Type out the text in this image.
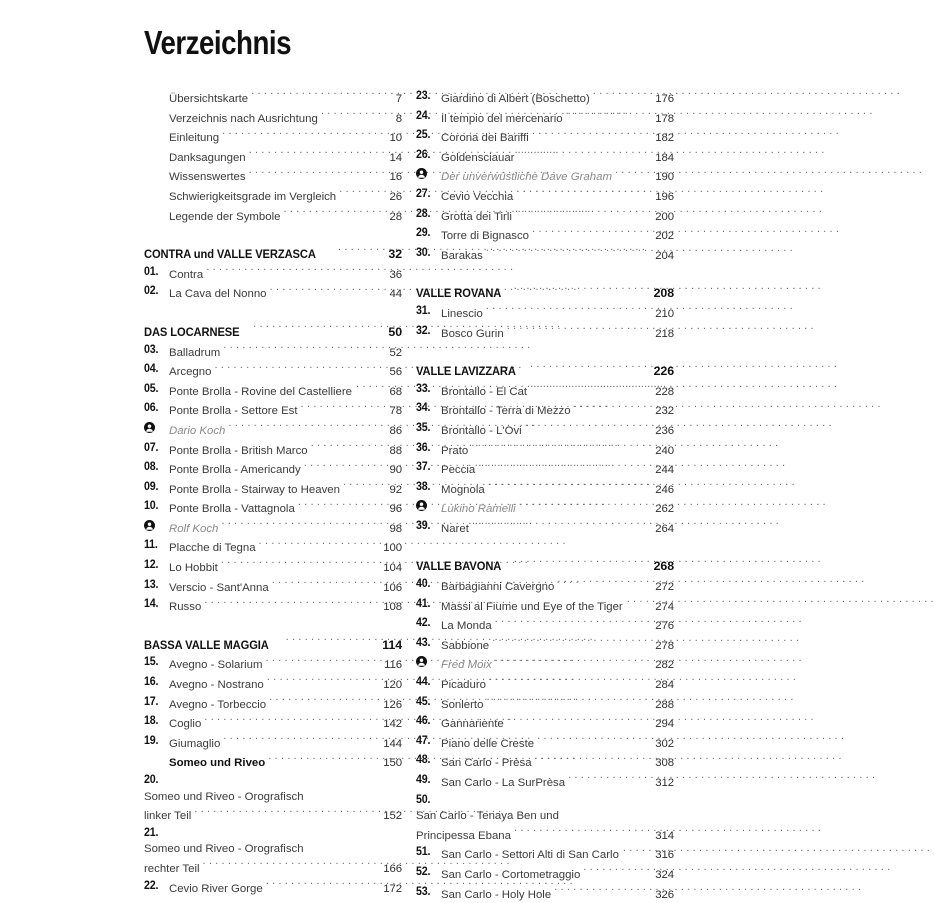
Verzeichnis
Übersichtskarte . . .	7
Verzeichnis nach Ausrichtung . . .	8
Einleitung . . .	10
Danksagungen . . .	14
Wissenswertes . . .	16
Schwierigkeitsgrade im Vergleich . . .	26
Legende der Symbole . . .	28
CONTRA und VALLE VERZASCA . . .	32
01. Contra . . .	36
02. La Cava del Nonno . . .	44
DAS LOCARNESE . . .	50
03. Balladrum . . .	52
04. Arcegno . . .	56
05. Ponte Brolla - Rovine del Castelliere . . .	68
06. Ponte Brolla - Settore Est . . .	78
Dario Koch . . .	86
07. Ponte Brolla - British Marco . . .	88
08. Ponte Brolla - Americandy . . .	90
09. Ponte Brolla - Stairway to Heaven . . .	92
10. Ponte Brolla - Vattagnola . . .	96
Rolf Koch . . .	98
11. Placche di Tegna . . .	100
12. Lo Hobbit . . .	104
13. Verscio - Sant'Anna . . .	106
14. Russo . . .	108
BASSA VALLE MAGGIA . . .	114
15. Avegno - Solarium . . .	116
16. Avegno - Nostrano . . .	120
17. Avegno - Torbeccio . . .	126
18. Coglio . . .	142
19. Giumaglio . . .	144
Someo und Riveo . . .	150
20.
Someo und Riveo - Orografisch
linker Teil . . .	152
21.
Someo und Riveo - Orografisch
rechter Teil . . .	166
22. Cevio River Gorge . . .	172
23. Giardino di Albert (Boschetto) . . .	176
24. Il tempio del mercenario . . .	178
25. Corona dei Bariffi . . .	182
26. Goldensciauar . . .	184
Der unverwüstliche Dave Graham . . .	190
27. Cevio Vecchia . . .	196
28. Grotta dei Tirli . . .	200
29. Torre di Bignasco . . .	202
30. Barakas . . .	204
VALLE ROVANA . . .	208
31. Linescio . . .	210
32. Bosco Gurin . . .	218
VALLE LAVIZZARA . . .	226
33. Brontallo - El Cat . . .	228
34. Brontallo - Terra di Mezzo . . .	232
35. Brontallo - L'Ovi . . .	236
36. Prato . . .	240
37. Peccia . . .	244
38. Mognola . . .	246
Lukino Ramelli . . .	262
39. Naret . . .	264
VALLE BAVONA . . .	268
40. Barbagianni Cavergno . . .	272
41. Massi al Fiume und Eye of the Tiger . . .	274
42. La Monda . . .	276
43. Sabbione . . .	278
Fred Moix . . .	282
44. Picaduro . . .	284
45. Sonlerto . . .	288
46. Gannariente . . .	294
47. Piano delle Creste . . .	302
48. San Carlo - Prèsa . . .	308
49. San Carlo - La SurPrèsa . . .	312
50.
San Carlo - Tenaya Ben und
Principessa Ebana . . .	314
51. San Carlo - Settori Alti di San Carlo . . .	316
52. San Carlo - Cortometraggio . . .	324
53. San Carlo - Holy Hole . . .	326
